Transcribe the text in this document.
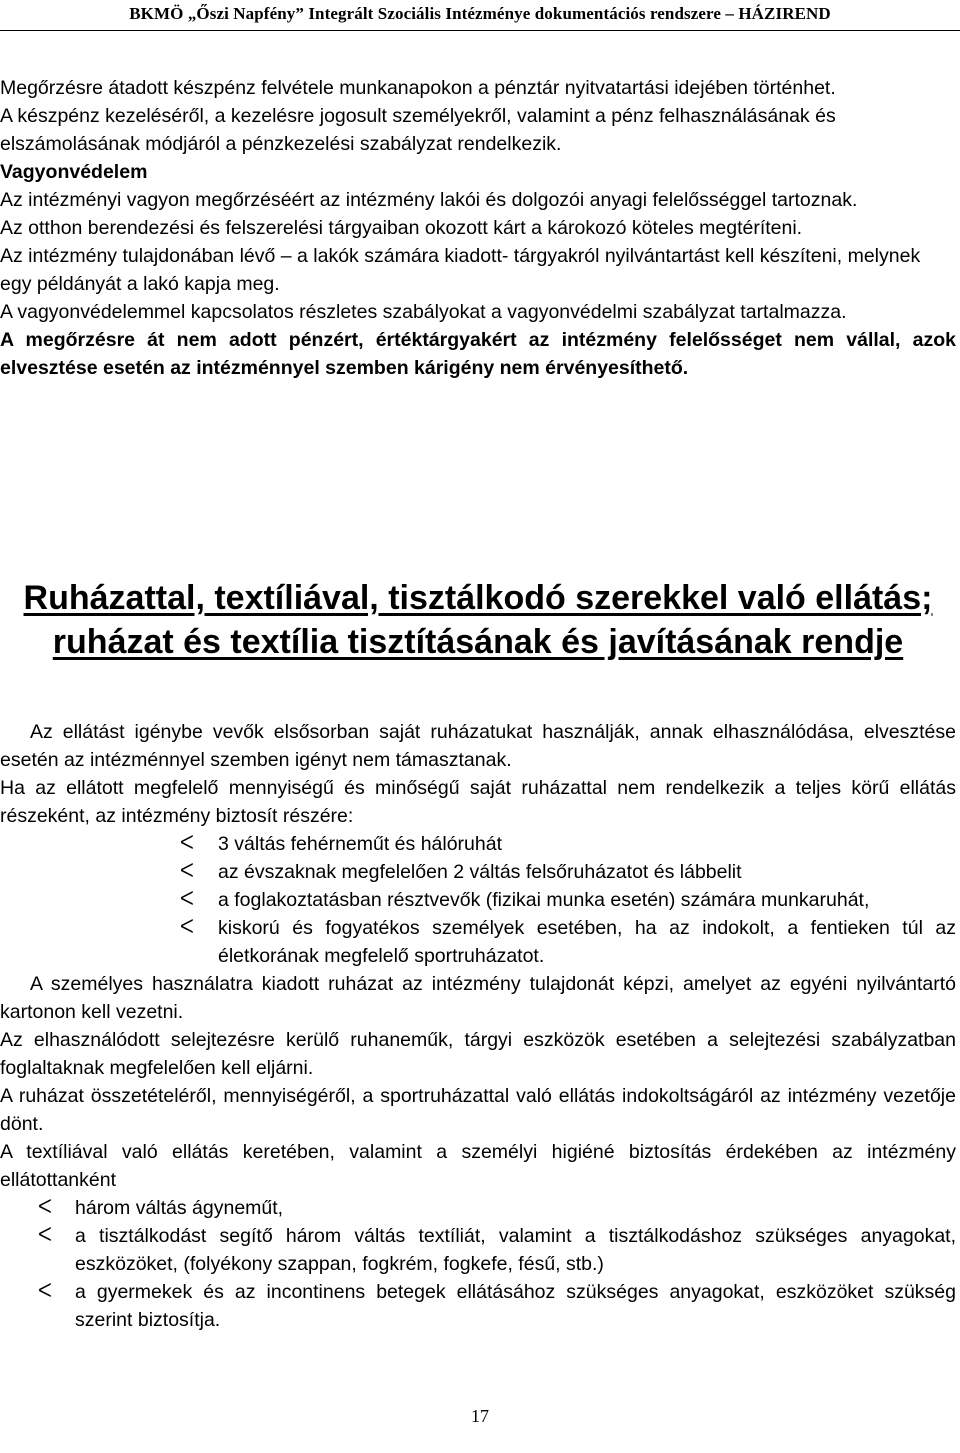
BKMÖ „Őszi Napfény” Integrált Szociális Intézménye dokumentációs rendszere – HÁZIREND

Megőrzésre átadott készpénz felvétele munkanapokon a pénztár nyitvatartási idejében történhet.

A készpénz kezeléséről, a kezelésre jogosult személyekről, valamint a pénz felhasználásának és elszámolásának módjáról a pénzkezelési szabályzat rendelkezik.

Vagyonvédelem

Az intézményi vagyon megőrzéséért az intézmény lakói és dolgozói anyagi felelősséggel tartoznak.

Az otthon berendezési és felszerelési tárgyaiban okozott kárt a károkozó köteles megtéríteni.

Az intézmény tulajdonában lévő – a lakók számára kiadott- tárgyakról nyilvántartást kell készíteni, melynek egy példányát a lakó kapja meg.

A vagyonvédelemmel kapcsolatos részletes szabályokat a vagyonvédelmi szabályzat tartalmazza.

A megőrzésre át nem adott pénzért, értéktárgyakért az intézmény felelősséget nem vállal, azok elvesztése esetén az intézménnyel szemben kárigény nem érvényesíthető.

Ruházattal, textíliával, tisztálkodó szerekkel való ellátás; ruházat és textília tisztításának és javításának rendje

Az ellátást igénybe vevők elsősorban saját ruházatukat használják, annak elhasználódása, elvesztése esetén az intézménnyel szemben igényt nem támasztanak.

Ha az ellátott megfelelő mennyiségű és minőségű saját ruházattal nem rendelkezik a teljes körű ellátás részeként, az intézmény biztosít részére:

ᐸ 3 váltás fehérneműt és hálóruhát
ᐸ az évszaknak megfelelően 2 váltás felsőruházatot és lábbelit
ᐸ a foglakoztatásban résztvevők (fizikai munka esetén) számára munkaruhát,
ᐸ kiskorú és fogyatékos személyek esetében, ha az indokolt, a fentieken túl az életkorának megfelelő sportruházatot.

A személyes használatra kiadott ruházat az intézmény tulajdonát képzi, amelyet az egyéni nyilvántartó kartonon kell vezetni.

Az elhasználódott selejtezésre kerülő ruhaneműk, tárgyi eszközök esetében a selejtezési szabályzatban foglaltaknak megfelelően kell eljárni.

A ruházat összetételéről, mennyiségéről, a sportruházattal való ellátás indokoltságáról az intézmény vezetője dönt.

A textíliával való ellátás keretében, valamint a személyi higiéné biztosítás érdekében az intézmény ellátottanként

ᐸ három váltás ágyneműt,
ᐸ a tisztálkodást segítő három váltás textíliát, valamint a tisztálkodáshoz szükséges anyagokat, eszközöket, (folyékony szappan, fogkrém, fogkefe, fésű, stb.)
ᐸ a gyermekek és az incontinens betegek ellátásához szükséges anyagokat, eszközöket szükség szerint biztosítja.
17
